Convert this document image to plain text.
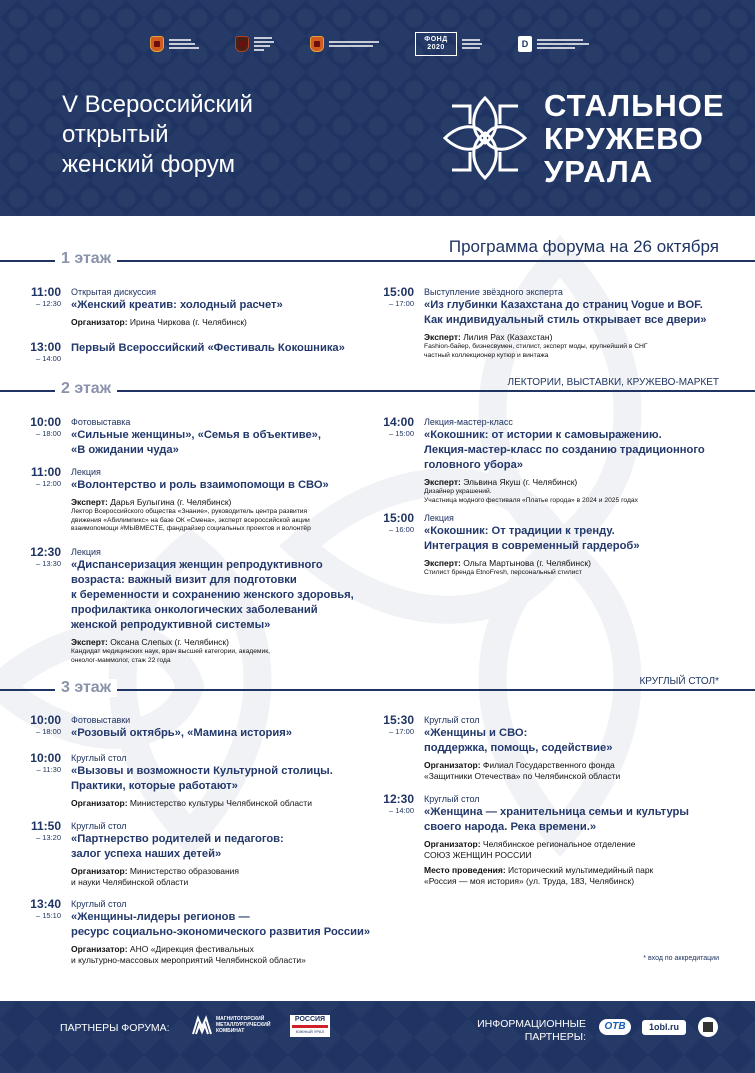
ФОНД 2020	D
V Всероссийский
открытый
женский форум
СТАЛЬНОЕ
КРУЖЕВО
УРАЛА
Программа форума на 26 октября
1 этаж
11:00
– 12:30
Открытая дискуссия
«Женский креатив: холодный расчет»
Организатор: Ирина Чиркова (г. Челябинск)
13:00
– 14:00
Первый Всероссийский «Фестиваль Кокошника»
15:00
– 17:00
Выступление звёздного эксперта
«Из глубинки Казахстана до страниц Vogue и BOF.
Как индивидуальный стиль открывает все двери»
Эксперт: Лилия Рах (Казахстан)
Fashion-байер, бизнесвумен, стилист, эксперт моды, крупнейший в СНГ
частный коллекционер кутюр и винтажа
ЛЕКТОРИИ, ВЫСТАВКИ, КРУЖЕВО-МАРКЕТ
2 этаж
10:00
– 18:00
Фотовыставка
«Сильные женщины», «Семья в объективе»,
«В ожидании чуда»
11:00
– 12:00
Лекция
«Волонтерство и роль взаимопомощи в СВО»
Эксперт: Дарья Булыгина (г. Челябинск)
Лектор Всероссийского общества «Знание», руководитель центра развития
движения «Абилимпикс» на базе ОК «Смена», эксперт всероссийской акции
взаимопомощи #МЫВМЕСТЕ, фандрайзер социальных проектов и волонтёр
12:30
– 13:30
Лекция
«Диспансеризация женщин репродуктивного
возраста: важный визит для подготовки
к беременности и сохранению женского здоровья,
профилактика онкологических заболеваний
женской репродуктивной системы»
Эксперт: Оксана Слепых (г. Челябинск)
Кандидат медицинских наук, врач высшей категории, академик,
онколог-маммолог, стаж 22 года
14:00
– 15:00
Лекция-мастер-класс
«Кокошник: от истории к самовыражению.
Лекция-мастер-класс по созданию традиционного
головного убора»
Эксперт: Эльвина Якуш (г. Челябинск)
Дизайнер украшений.
Участница модного фестиваля «Платье города» в 2024 и 2025 годах
15:00
– 16:00
Лекция
«Кокошник: От традиции к тренду.
Интеграция в современный гардероб»
Эксперт: Ольга Мартынова (г. Челябинск)
Стилист бренда EtnoFresh, персональный стилист
КРУГЛЫЙ СТОЛ*
3 этаж
10:00
– 18:00
Фотовыставки
«Розовый октябрь», «Мамина история»
10:00
– 11:30
Круглый стол
«Вызовы и возможности Культурной столицы.
Практики, которые работают»
Организатор: Министерство культуры Челябинской области
11:50
– 13:20
Круглый стол
«Партнерство родителей и педагогов:
залог успеха наших детей»
Организатор: Министерство образования
и науки Челябинской области
13:40
– 15:10
Круглый стол
«Женщины-лидеры регионов —
ресурс социально-экономического развития России»
Организатор: АНО «Дирекция фестивальных
и культурно-массовых мероприятий Челябинской области»
15:30
– 17:00
Круглый стол
«Женщины и СВО:
поддержка, помощь, содействие»
Организатор: Филиал Государственного фонда
«Защитники Отечества» по Челябинской области
12:30
– 14:00
Круглый стол
«Женщина — хранительница семьи и культуры
своего народа. Река времени.»
Организатор: Челябинское региональное отделение
СОЮЗ ЖЕНЩИН РОССИИ
Место проведения: Исторический мультимедийный парк
«Россия — моя история» (ул. Труда, 183, Челябинск)
* вход по аккредитации
ПАРТНЕРЫ ФОРУМА:
МАГНИТОГОРСКИЙ
МЕТАЛЛУРГИЧЕСКИЙ
КОМБИНАТ
РОССИЯ
ЮЖНЫЙ УРАЛ
ИНФОРМАЦИОННЫЕ
ПАРТНЕРЫ:
ОТВ	1obl.ru
